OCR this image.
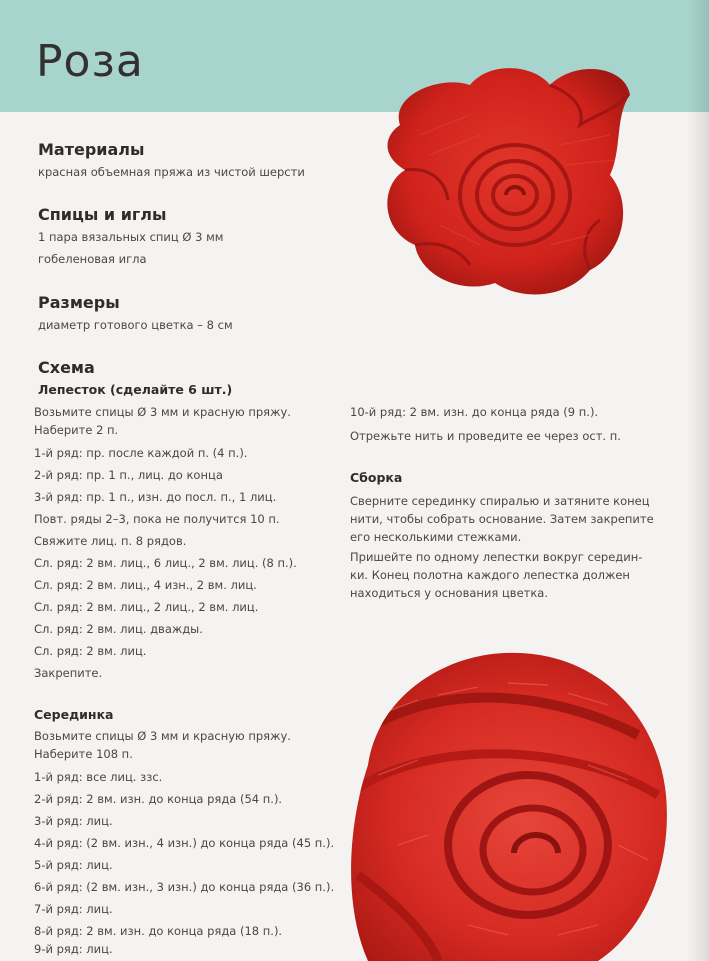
Роза
Материалы
красная объемная пряжа из чистой шерсти
Спицы и иглы
1 пара вязальных спиц Ø 3 мм
гобеленовая игла
Размеры
диаметр готового цветка – 8 см
Схема
Лепесток (сделайте 6 шт.)
Возьмите спицы Ø 3 мм и красную пряжу.
Наберите 2 п.
1-й ряд: пр. после каждой п. (4 п.).
2-й ряд: пр. 1 п., лиц. до конца
3-й ряд: пр. 1 п., изн. до посл. п., 1 лиц.
Повт. ряды 2–3, пока не получится 10 п.
Свяжите лиц. п. 8 рядов.
Сл. ряд: 2 вм. лиц., 6 лиц., 2 вм. лиц. (8 п.).
Сл. ряд: 2 вм. лиц., 4 изн., 2 вм. лиц.
Сл. ряд: 2 вм. лиц., 2 лиц., 2 вм. лиц.
Сл. ряд: 2 вм. лиц. дважды.
Сл. ряд: 2 вм. лиц.
Закрепите.
Серединка
Возьмите спицы Ø 3 мм и красную пряжу.
Наберите 108 п.
1-й ряд: все лиц. ззс.
2-й ряд: 2 вм. изн. до конца ряда (54 п.).
3-й ряд: лиц.
4-й ряд: (2 вм. изн., 4 изн.) до конца ряда (45 п.).
5-й ряд: лиц.
6-й ряд: (2 вм. изн., 3 изн.) до конца ряда (36 п.).
7-й ряд: лиц.
8-й ряд: 2 вм. изн. до конца ряда (18 п.).
9-й ряд: лиц.
10-й ряд: 2 вм. изн. до конца ряда (9 п.).
Отрежьте нить и проведите ее через ост. п.
Сборка
Сверните серединку спиралью и затяните конец
нити, чтобы собрать основание. Затем закрепите
его несколькими стежками.
Пришейте по одному лепестки вокруг середин-
ки. Конец полотна каждого лепестка должен
находиться у основания цветка.
